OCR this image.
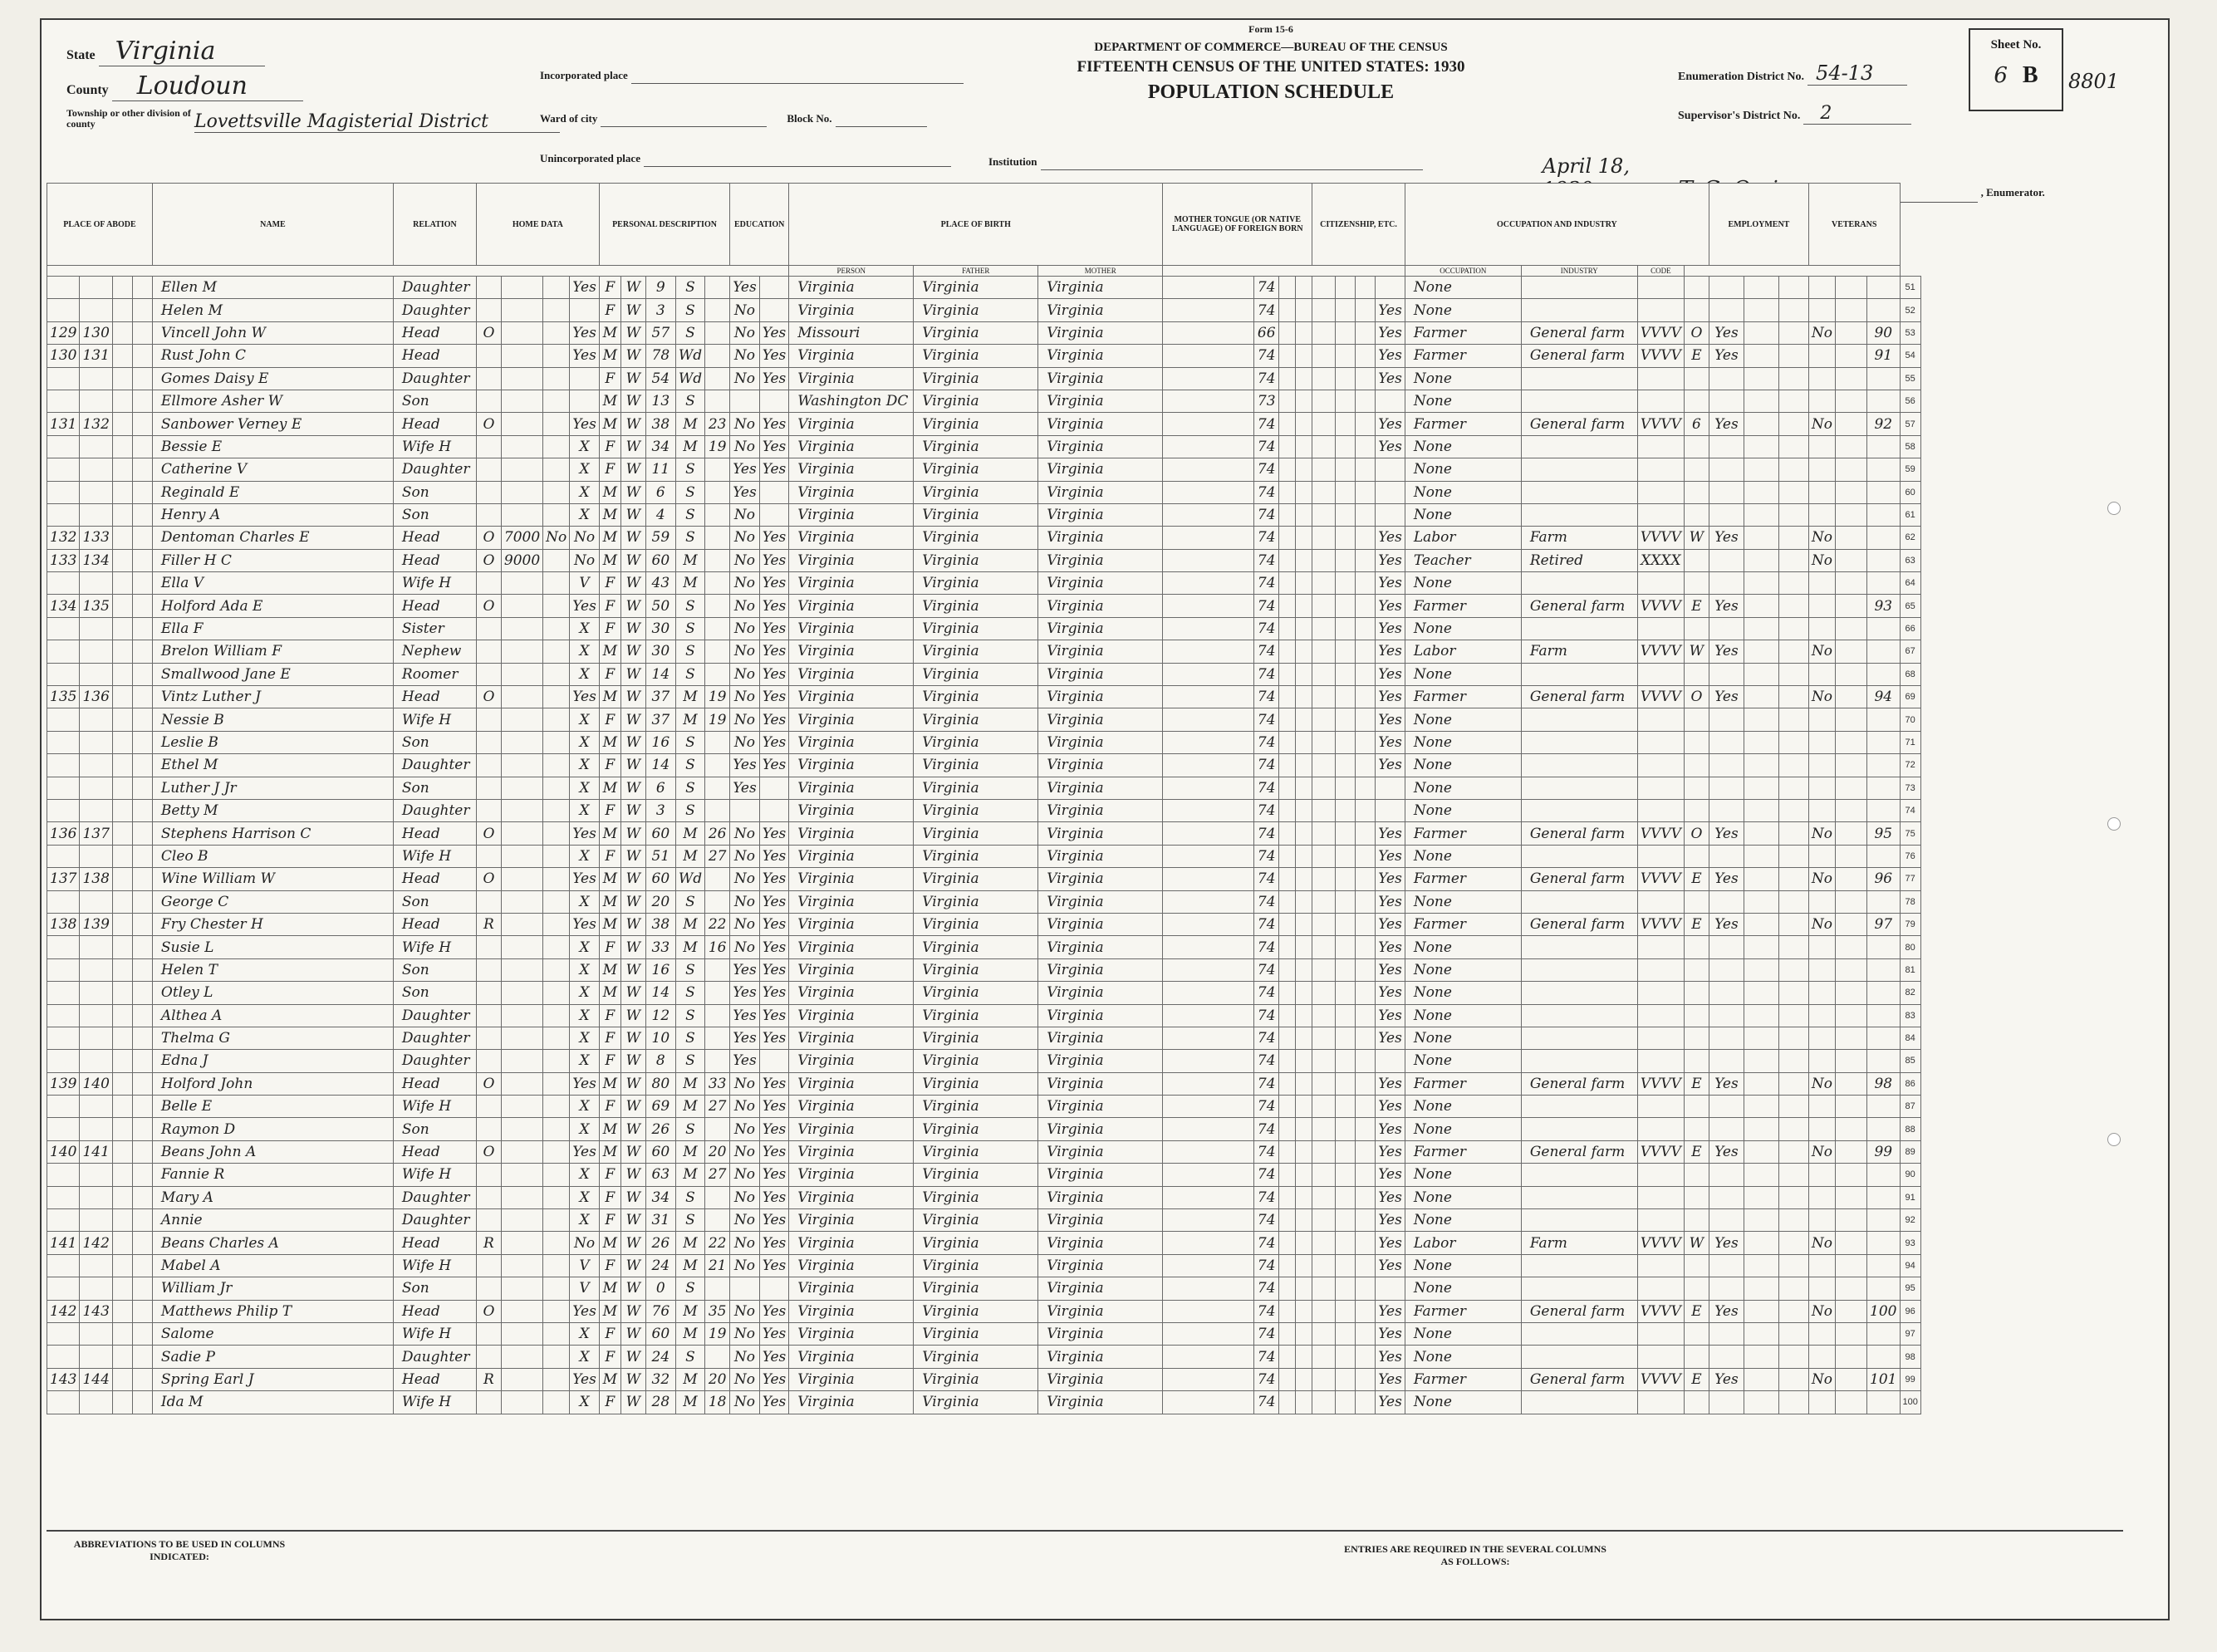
State Virginia
County Loudoun
Township or other division of county	Lovettsville Magisterial District
Incorporated place
Ward of city	Block No.
Unincorporated place	Institution
Form 15-6
DEPARTMENT OF COMMERCE—BUREAU OF THE CENSUS
FIFTEENTH CENSUS OF THE UNITED STATES: 1930
POPULATION SCHEDULE
Enumeration District No. 54-13
Supervisor's District No. 2
Sheet No.
6 B	8801
April 18,  , Enumerator.
PLACE OF ABODE				NAME	RELATION	HOME DATA				PERSONAL DESCRIPTION					EDUCATION		PLACE OF BIRTH			MOTHER TONGUE (OR NATIVE LANGUAGE) OF FOREIGN BORN				CITIZENSHIP, ETC.				OCCUPATION AND INDUSTRY				EMPLOYMENT			VETERANS			
																	PERSON	FATHER	MOTHER									OCCUPATION	INDUSTRY	CODE								
				Ellen M	Daughter				Yes	F	W	9	S		Yes		Virginia	Virginia	Virginia		74							None										51
				Helen M	Daughter					F	W	3	S		No		Virginia	Virginia	Virginia		74						Yes	None										52
129	130			Vincell John W	Head	O			Yes	M	W	57	S		No	Yes	Missouri	Virginia	Virginia		66						Yes	Farmer	General farm	VVVV	O	Yes			No		90	53
130	131			Rust John C	Head				Yes	M	W	78	Wd		No	Yes	Virginia	Virginia	Virginia		74						Yes	Farmer	General farm	VVVV	E	Yes					91	54
				Gomes Daisy E	Daughter					F	W	54	Wd		No	Yes	Virginia	Virginia	Virginia		74						Yes	None										55
				Ellmore Asher W	Son					M	W	13	S				Washington DC	Virginia	Virginia		73							None										56
131	132			Sanbower Verney E	Head	O			Yes	M	W	38	M	23	No	Yes	Virginia	Virginia	Virginia		74						Yes	Farmer	General farm	VVVV	6	Yes			No		92	57
				Bessie E	Wife H				X	F	W	34	M	19	No	Yes	Virginia	Virginia	Virginia		74						Yes	None										58
				Catherine V	Daughter				X	F	W	11	S		Yes	Yes	Virginia	Virginia	Virginia		74							None										59
				Reginald E	Son				X	M	W	6	S		Yes		Virginia	Virginia	Virginia		74							None										60
				Henry A	Son				X	M	W	4	S		No		Virginia	Virginia	Virginia		74							None										61
132	133			Dentoman Charles E	Head	O	7000	No	No	M	W	59	S		No	Yes	Virginia	Virginia	Virginia		74						Yes	Labor	Farm	VVVV	W	Yes			No			62
133	134			Filler H C	Head	O	9000		No	M	W	60	M		No	Yes	Virginia	Virginia	Virginia		74						Yes	Teacher	Retired	XXXX					No			63
				Ella V	Wife H				V	F	W	43	M		No	Yes	Virginia	Virginia	Virginia		74						Yes	None										64
134	135			Holford Ada E	Head	O			Yes	F	W	50	S		No	Yes	Virginia	Virginia	Virginia		74						Yes	Farmer	General farm	VVVV	E	Yes					93	65
				Ella F	Sister				X	F	W	30	S		No	Yes	Virginia	Virginia	Virginia		74						Yes	None										66
				Brelon William F	Nephew				X	M	W	30	S		No	Yes	Virginia	Virginia	Virginia		74						Yes	Labor	Farm	VVVV	W	Yes			No			67
				Smallwood Jane E	Roomer				X	F	W	14	S		No	Yes	Virginia	Virginia	Virginia		74						Yes	None										68
135	136			Vintz Luther J	Head	O			Yes	M	W	37	M	19	No	Yes	Virginia	Virginia	Virginia		74						Yes	Farmer	General farm	VVVV	O	Yes			No		94	69
				Nessie B	Wife H				X	F	W	37	M	19	No	Yes	Virginia	Virginia	Virginia		74						Yes	None										70
				Leslie B	Son				X	M	W	16	S		No	Yes	Virginia	Virginia	Virginia		74						Yes	None										71
				Ethel M	Daughter				X	F	W	14	S		Yes	Yes	Virginia	Virginia	Virginia		74						Yes	None										72
				Luther J Jr	Son				X	M	W	6	S		Yes		Virginia	Virginia	Virginia		74							None										73
				Betty M	Daughter				X	F	W	3	S				Virginia	Virginia	Virginia		74							None										74
136	137			Stephens Harrison C	Head	O			Yes	M	W	60	M	26	No	Yes	Virginia	Virginia	Virginia		74						Yes	Farmer	General farm	VVVV	O	Yes			No		95	75
				Cleo B	Wife H				X	F	W	51	M	27	No	Yes	Virginia	Virginia	Virginia		74						Yes	None										76
137	138			Wine William W	Head	O			Yes	M	W	60	Wd		No	Yes	Virginia	Virginia	Virginia		74						Yes	Farmer	General farm	VVVV	E	Yes			No		96	77
				George C	Son				X	M	W	20	S		No	Yes	Virginia	Virginia	Virginia		74						Yes	None										78
138	139			Fry Chester H	Head	R			Yes	M	W	38	M	22	No	Yes	Virginia	Virginia	Virginia		74						Yes	Farmer	General farm	VVVV	E	Yes			No		97	79
				Susie L	Wife H				X	F	W	33	M	16	No	Yes	Virginia	Virginia	Virginia		74						Yes	None										80
				Helen T	Son				X	M	W	16	S		Yes	Yes	Virginia	Virginia	Virginia		74						Yes	None										81
				Otley L	Son				X	M	W	14	S		Yes	Yes	Virginia	Virginia	Virginia		74						Yes	None										82
				Althea A	Daughter				X	F	W	12	S		Yes	Yes	Virginia	Virginia	Virginia		74						Yes	None										83
				Thelma G	Daughter				X	F	W	10	S		Yes	Yes	Virginia	Virginia	Virginia		74						Yes	None										84
				Edna J	Daughter				X	F	W	8	S		Yes		Virginia	Virginia	Virginia		74							None										85
139	140			Holford John	Head	O			Yes	M	W	80	M	33	No	Yes	Virginia	Virginia	Virginia		74						Yes	Farmer	General farm	VVVV	E	Yes			No		98	86
				Belle E	Wife H				X	F	W	69	M	27	No	Yes	Virginia	Virginia	Virginia		74						Yes	None										87
				Raymon D	Son				X	M	W	26	S		No	Yes	Virginia	Virginia	Virginia		74						Yes	None										88
140	141			Beans John A	Head	O			Yes	M	W	60	M	20	No	Yes	Virginia	Virginia	Virginia		74						Yes	Farmer	General farm	VVVV	E	Yes			No		99	89
				Fannie R	Wife H				X	F	W	63	M	27	No	Yes	Virginia	Virginia	Virginia		74						Yes	None										90
				Mary A	Daughter				X	F	W	34	S		No	Yes	Virginia	Virginia	Virginia		74						Yes	None										91
				Annie	Daughter				X	F	W	31	S		No	Yes	Virginia	Virginia	Virginia		74						Yes	None										92
141	142			Beans Charles A	Head	R			No	M	W	26	M	22	No	Yes	Virginia	Virginia	Virginia		74						Yes	Labor	Farm	VVVV	W	Yes			No			93
				Mabel A	Wife H				V	F	W	24	M	21	No	Yes	Virginia	Virginia	Virginia		74						Yes	None										94
				William Jr	Son				V	M	W	0	S				Virginia	Virginia	Virginia		74							None										95
142	143			Matthews Philip T	Head	O			Yes	M	W	76	M	35	No	Yes	Virginia	Virginia	Virginia		74						Yes	Farmer	General farm	VVVV	E	Yes			No		100	96
				Salome	Wife H				X	F	W	60	M	19	No	Yes	Virginia	Virginia	Virginia		74						Yes	None										97
				Sadie P	Daughter				X	F	W	24	S		No	Yes	Virginia	Virginia	Virginia		74						Yes	None										98
143	144			Spring Earl J	Head	R			Yes	M	W	32	M	20	No	Yes	Virginia	Virginia	Virginia		74						Yes	Farmer	General farm	VVVV	E	Yes			No		101	99
				Ida M	Wife H				X	F	W	28	M	18	No	Yes	Virginia	Virginia	Virginia		74						Yes	None										100
ABBREVIATIONS TO BE USED IN COLUMNS INDICATED:
ENTRIES ARE REQUIRED IN THE SEVERAL COLUMNS AS FOLLOWS:
